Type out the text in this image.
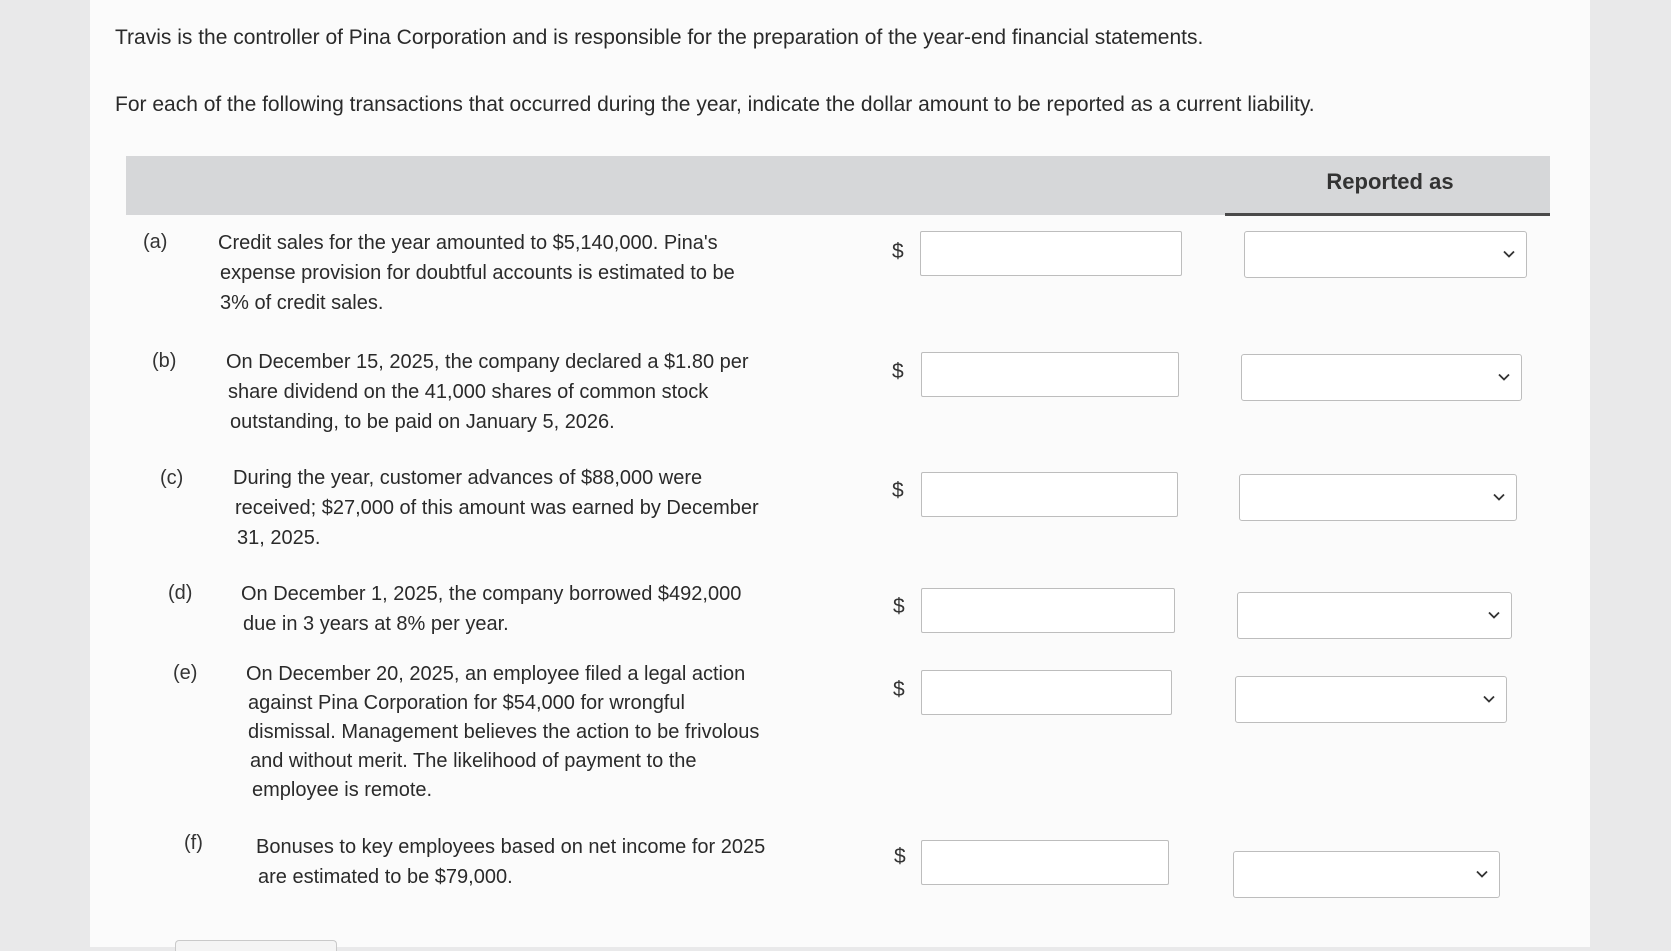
Travis is the controller of Pina Corporation and is responsible for the preparation of the year-end financial statements.
For each of the following transactions that occurred during the year, indicate the dollar amount to be reported as a current liability.
Reported as
(a)	Credit sales for the year amounted to $5,140,000. Pina's
expense provision for doubtful accounts is estimated to be
3% of credit sales.
$
(b) On December 15, 2025, the company declared a $1.80 per
share dividend on the 41,000 shares of common stock
outstanding, to be paid on January 5, 2026.
$
(c) During the year, customer advances of $88,000 were
received; $27,000 of this amount was earned by December
31, 2025.
$
(d) On December 1, 2025, the company borrowed $492,000
due in 3 years at 8% per year.
$
(e) On December 20, 2025, an employee filed a legal action
against Pina Corporation for $54,000 for wrongful
dismissal. Management believes the action to be frivolous
and without merit. The likelihood of payment to the
employee is remote.
$
(f)	Bonuses to key employees based on net income for 2025
are estimated to be $79,000.
$
